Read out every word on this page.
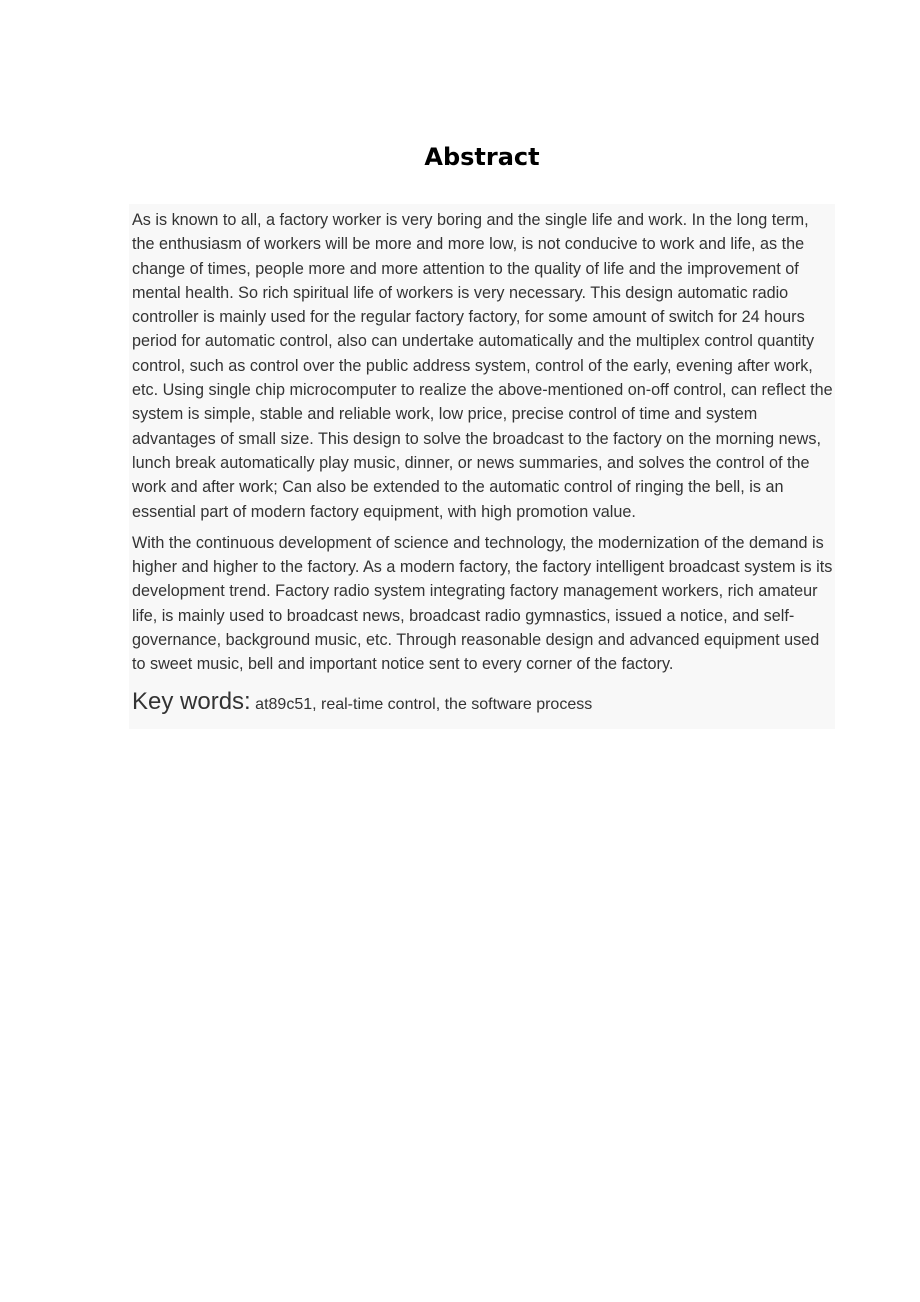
Abstract

As is known to all, a factory worker is very boring and the single life and work. In the long term, the enthusiasm of workers will be more and more low, is not conducive to work and life, as the change of times, people more and more attention to the quality of life and the improvement of mental health. So rich spiritual life of workers is very necessary. This design automatic radio controller is mainly used for the regular factory factory, for some amount of switch for 24 hours period for automatic control, also can undertake automatically and the multiplex control quantity control, such as control over the public address system, control of the early, evening after work, etc. Using single chip microcomputer to realize the above-mentioned on-off control, can reflect the system is simple, stable and reliable work, low price, precise control of time and system advantages of small size. This design to solve the broadcast to the factory on the morning news, lunch break automatically play music, dinner, or news summaries, and solves the control of the work and after work; Can also be extended to the automatic control of ringing the bell, is an essential part of modern factory equipment, with high promotion value.

With the continuous development of science and technology, the modernization of the demand is higher and higher to the factory. As a modern factory, the factory intelligent broadcast system is its development trend. Factory radio system integrating factory management workers, rich amateur life, is mainly used to broadcast news, broadcast radio gymnastics, issued a notice, and self-governance, background music, etc. Through reasonable design and advanced equipment used to sweet music, bell and important notice sent to every corner of the factory.

Key words: at89c51, real-time control, the software process
